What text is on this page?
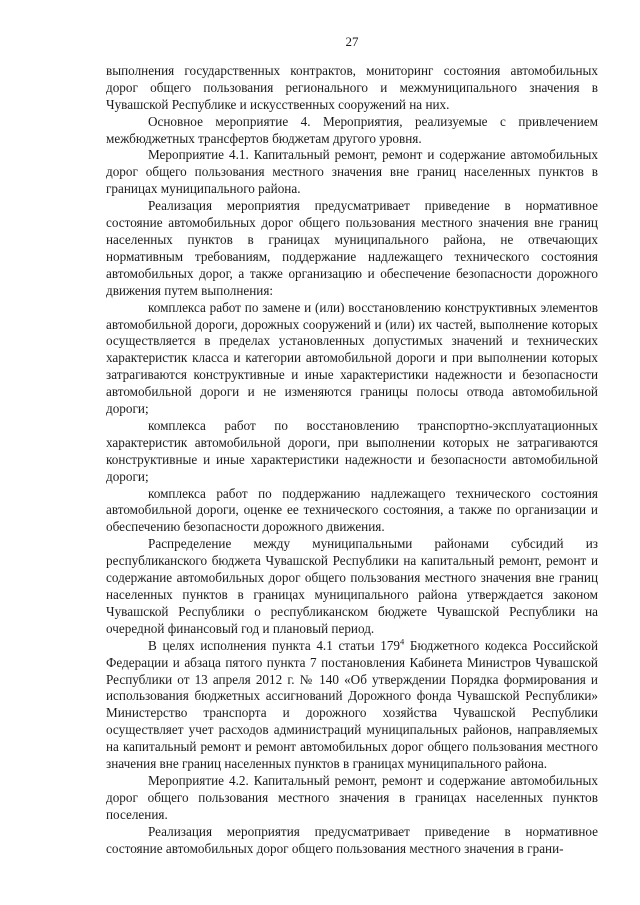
27

выполнения государственных контрактов, мониторинг состояния автомобильных дорог общего пользования регионального и межмуниципального значения в Чувашской Республике и искусственных сооружений на них.

Основное мероприятие 4. Мероприятия, реализуемые с привлечением межбюджетных трансфертов бюджетам другого уровня.

Мероприятие 4.1. Капитальный ремонт, ремонт и содержание автомобильных дорог общего пользования местного значения вне границ населенных пунктов в границах муниципального района.

Реализация мероприятия предусматривает приведение в нормативное состояние автомобильных дорог общего пользования местного значения вне границ населенных пунктов в границах муниципального района, не отвечающих нормативным требованиям, поддержание надлежащего технического состояния автомобильных дорог, а также организацию и обеспечение безопасности дорожного движения путем выполнения:

комплекса работ по замене и (или) восстановлению конструктивных элементов автомобильной дороги, дорожных сооружений и (или) их частей, выполнение которых осуществляется в пределах установленных допустимых значений и технических характеристик класса и категории автомобильной дороги и при выполнении которых затрагиваются конструктивные и иные характеристики надежности и безопасности автомобильной дороги и не изменяются границы полосы отвода автомобильной дороги;

комплекса работ по восстановлению транспортно-эксплуатационных характеристик автомобильной дороги, при выполнении которых не затрагиваются конструктивные и иные характеристики надежности и безопасности автомобильной дороги;

комплекса работ по поддержанию надлежащего технического состояния автомобильной дороги, оценке ее технического состояния, а также по организации и обеспечению безопасности дорожного движения.

Распределение между муниципальными районами субсидий из республиканского бюджета Чувашской Республики на капитальный ремонт, ремонт и содержание автомобильных дорог общего пользования местного значения вне границ населенных пунктов в границах муниципального района утверждается законом Чувашской Республики о республиканском бюджете Чувашской Республики на очередной финансовый год и плановый период.

В целях исполнения пункта 4.1 статьи $179^4$ Бюджетного кодекса Российской Федерации и абзаца пятого пункта 7 постановления Кабинета Министров Чувашской Республики от 13 апреля 2012 г. № 140 «Об утверждении Порядка формирования и использования бюджетных ассигнований Дорожного фонда Чувашской Республики» Министерство транспорта и дорожного хозяйства Чувашской Республики осуществляет учет расходов администраций муниципальных районов, направляемых на капитальный ремонт и ремонт автомобильных дорог общего пользования местного значения вне границ населенных пунктов в границах муниципального района.

Мероприятие 4.2. Капитальный ремонт, ремонт и содержание автомобильных дорог общего пользования местного значения в границах населенных пунктов поселения.

Реализация мероприятия предусматривает приведение в нормативное состояние автомобильных дорог общего пользования местного значения в грани-
